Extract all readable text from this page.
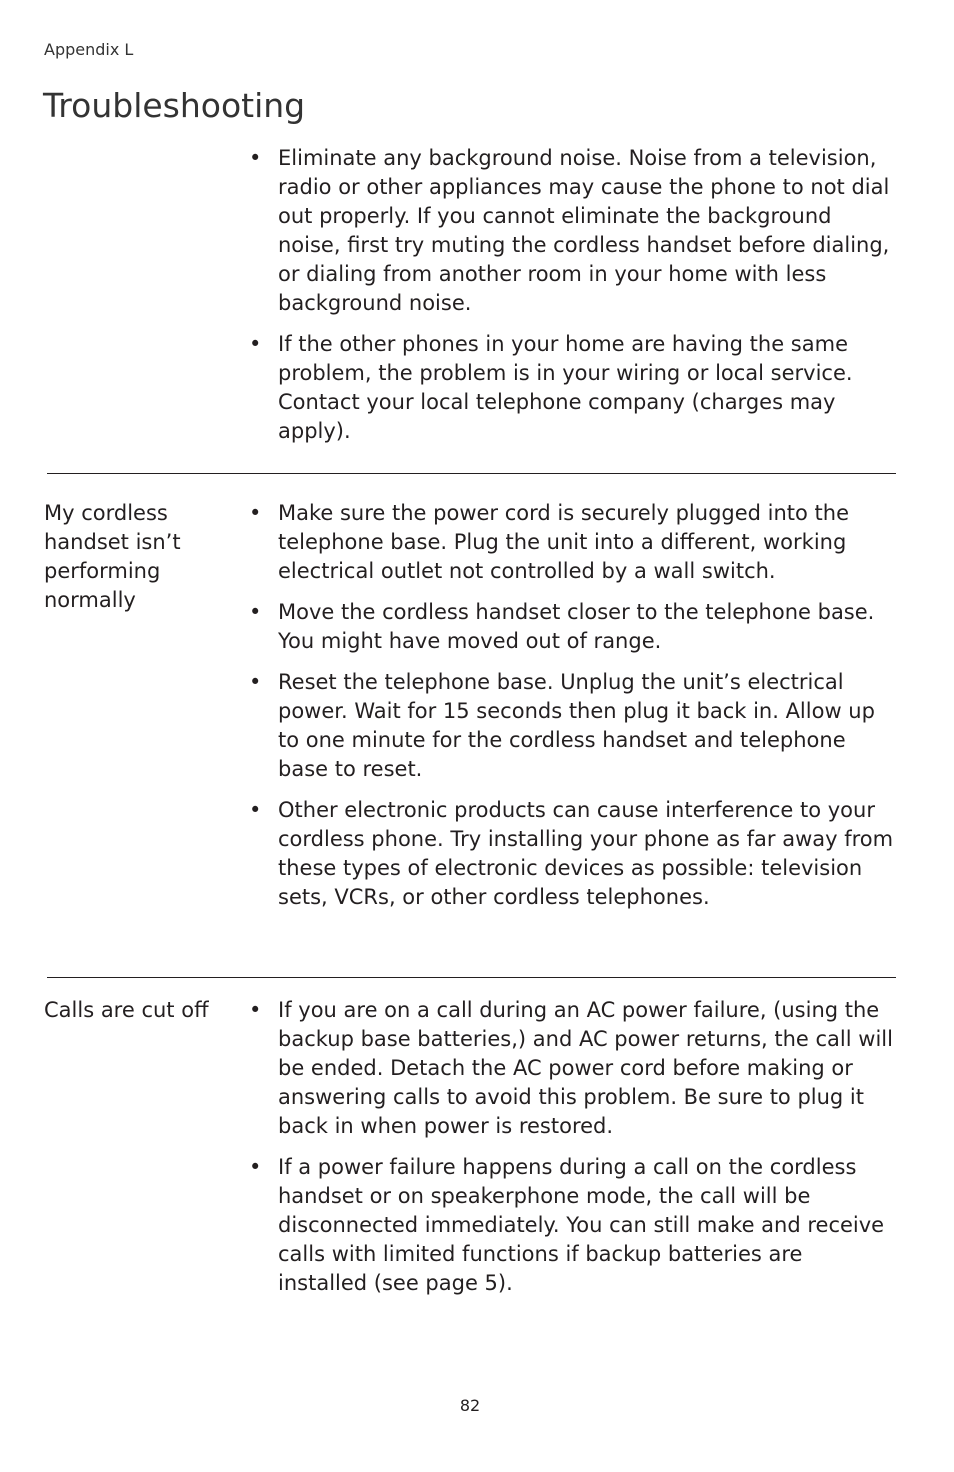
Appendix L
Troubleshooting
• Eliminate any background noise. Noise from a television, radio or other appliances may cause the phone to not dial out properly. If you cannot eliminate the background noise, first try muting the cordless handset before dialing, or dialing from another room in your home with less background noise.
• If the other phones in your home are having the same problem, the problem is in your wiring or local service. Contact your local telephone company (charges may apply).

My cordless handset isn’t performing normally

• Make sure the power cord is securely plugged into the telephone base. Plug the unit into a different, working electrical outlet not controlled by a wall switch.
• Move the cordless handset closer to the telephone base. You might have moved out of range.
• Reset the telephone base. Unplug the unit’s electrical power. Wait for 15 seconds then plug it back in. Allow up to one minute for the cordless handset and telephone base to reset.
• Other electronic products can cause interference to your cordless phone. Try installing your phone as far away from these types of electronic devices as possible: television sets, VCRs, or other cordless telephones.

Calls are cut off	• If you are on a call during an AC power failure, (using the backup base batteries,) and AC power returns, the call will be ended. Detach the AC power cord before making or answering calls to avoid this problem. Be sure to plug it back in when power is restored.
• If a power failure happens during a call on the cordless handset or on speakerphone mode, the call will be disconnected immediately. You can still make and receive calls with limited functions if backup batteries are installed (see page 5).
82
